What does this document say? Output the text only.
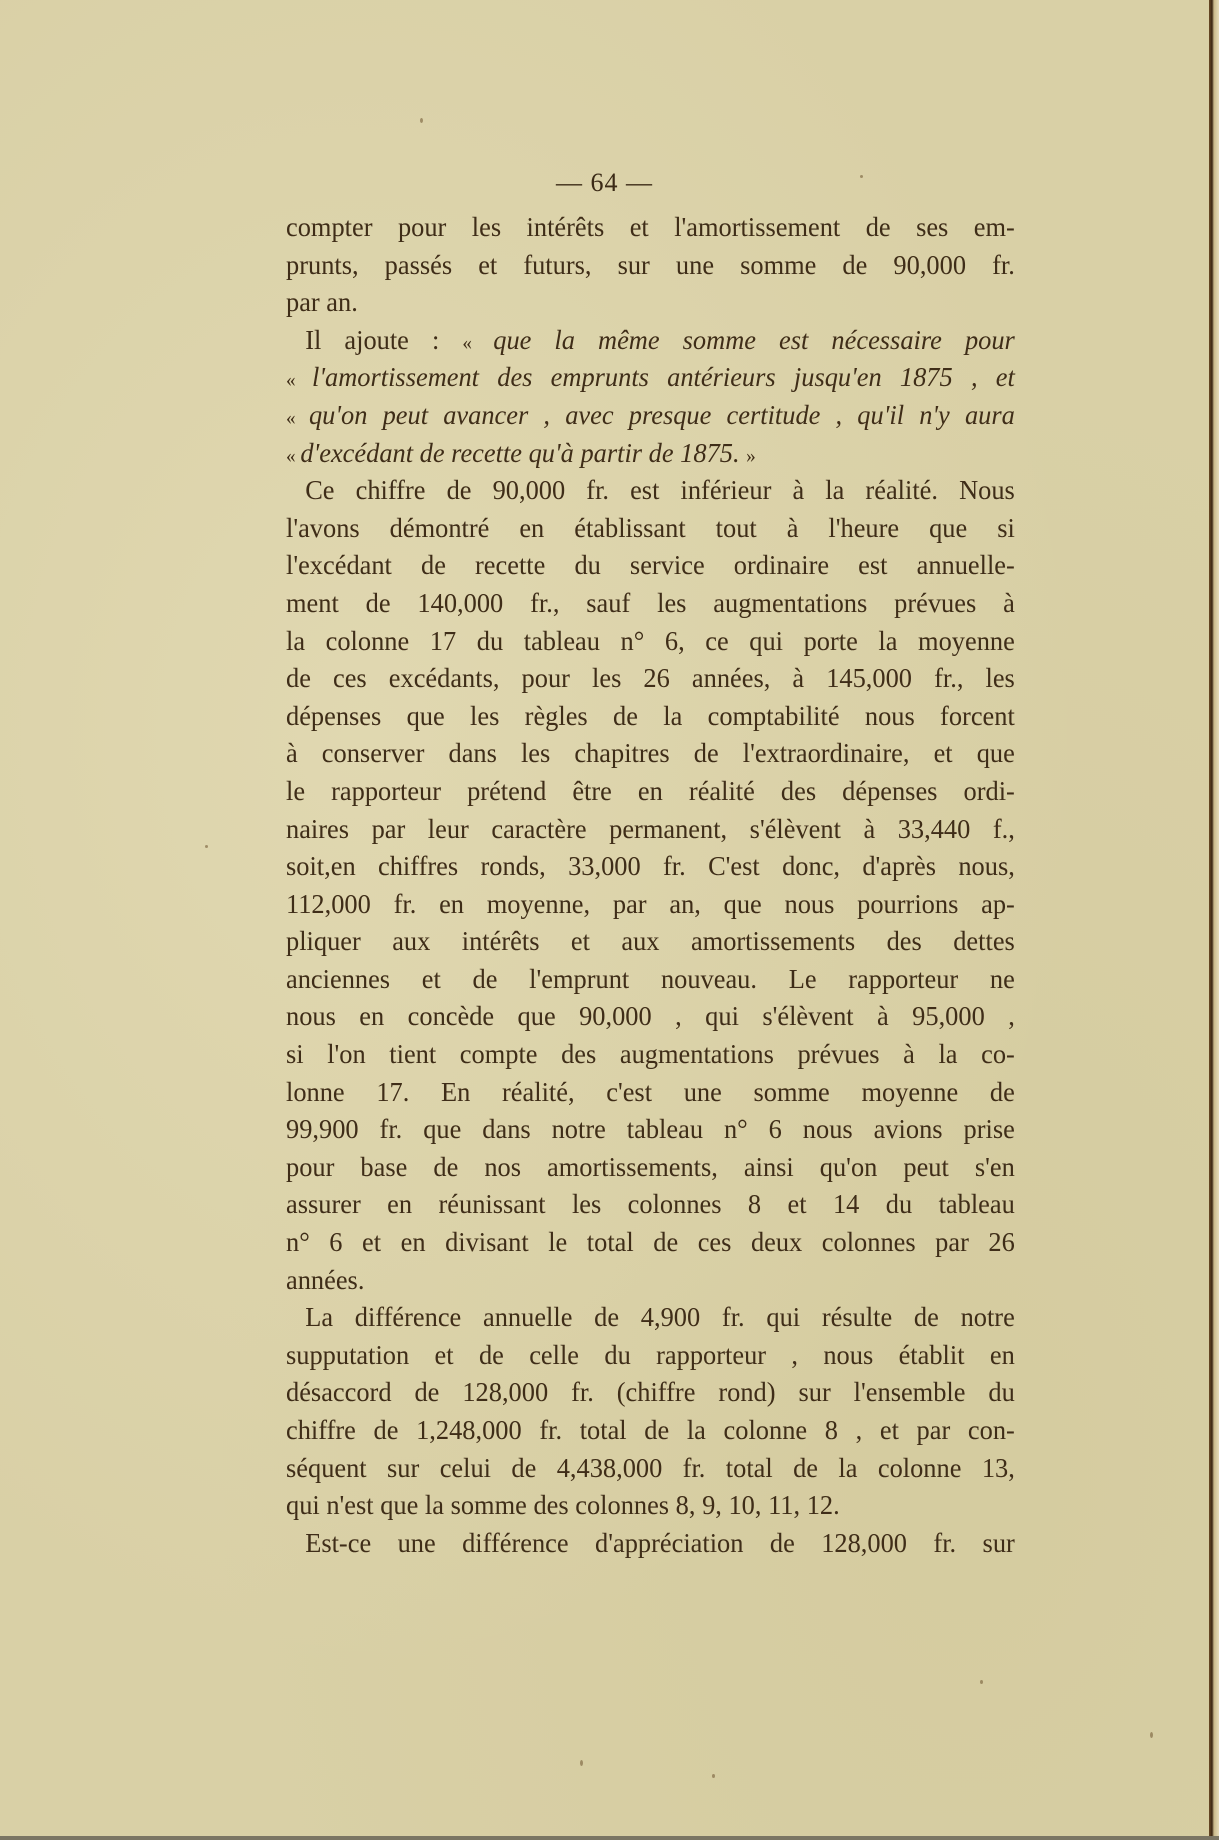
— 64 —
compter pour les intérêts et l'amortissement de ses em-
prunts, passés et futurs, sur une somme de 90,000 fr.
par an.
Il ajoute : « que la même somme est nécessaire pour
« l'amortissement des emprunts antérieurs jusqu'en 1875 , et
« qu'on peut avancer , avec presque certitude , qu'il n'y aura
« d'excédant de recette qu'à partir de 1875. »
Ce chiffre de 90,000 fr. est inférieur à la réalité. Nous
l'avons démontré en établissant tout à l'heure que si
l'excédant de recette du service ordinaire est annuelle-
ment de 140,000 fr., sauf les augmentations prévues à
la colonne 17 du tableau n° 6, ce qui porte la moyenne
de ces excédants, pour les 26 années, à 145,000 fr., les
dépenses que les règles de la comptabilité nous forcent
à conserver dans les chapitres de l'extraordinaire, et que
le rapporteur prétend être en réalité des dépenses ordi-
naires par leur caractère permanent, s'élèvent à 33,440 f.,
soit,en chiffres ronds, 33,000 fr. C'est donc, d'après nous,
112,000 fr. en moyenne, par an, que nous pourrions ap-
pliquer aux intérêts et aux amortissements des dettes
anciennes et de l'emprunt nouveau. Le rapporteur ne
nous en concède que 90,000 , qui s'élèvent à 95,000 ,
si l'on tient compte des augmentations prévues à la co-
lonne 17. En réalité, c'est une somme moyenne de
99,900 fr. que dans notre tableau n° 6 nous avions prise
pour base de nos amortissements, ainsi qu'on peut s'en
assurer en réunissant les colonnes 8 et 14 du tableau
n° 6 et en divisant le total de ces deux colonnes par 26
années.
La différence annuelle de 4,900 fr. qui résulte de notre
supputation et de celle du rapporteur , nous établit en
désaccord de 128,000 fr. (chiffre rond) sur l'ensemble du
chiffre de 1,248,000 fr. total de la colonne 8 , et par con-
séquent sur celui de 4,438,000 fr. total de la colonne 13,
qui n'est que la somme des colonnes 8, 9, 10, 11, 12.
Est-ce une différence d'appréciation de 128,000 fr. sur
